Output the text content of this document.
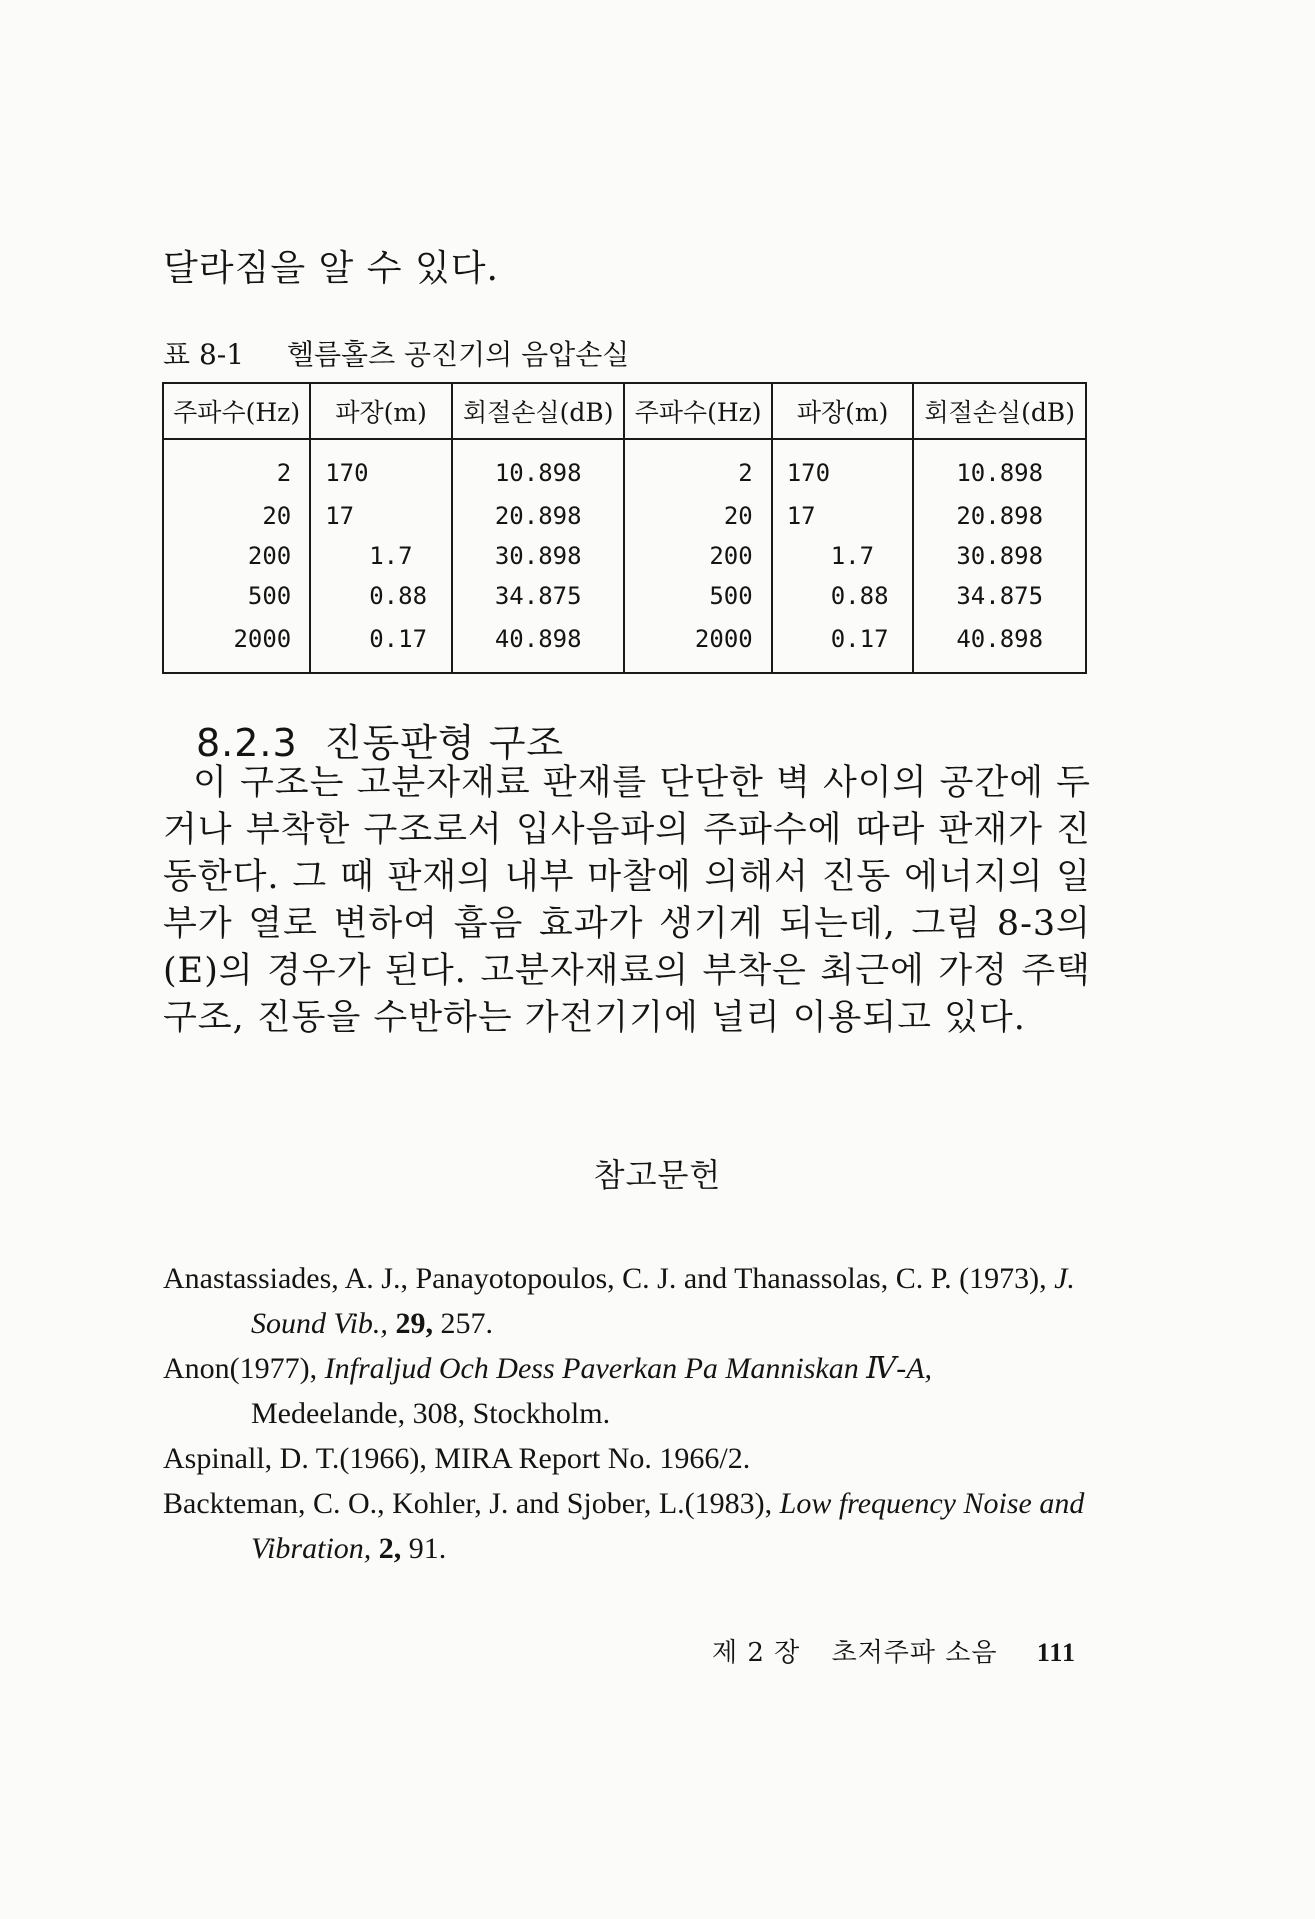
달라짐을 알 수 있다.
표 8-1 헬름홀츠 공진기의 음압손실
주파수(Hz)	파장(m)	회절손실(dB)	주파수(Hz)	파장(m)	회절손실(dB)
2	170	10.898	2	170	10.898
20	17	20.898	20	17	20.898
200	1.7	30.898	200	1.7	30.898
500	0.88	34.875	500	0.88	34.875
2000	0.17	40.898	2000	0.17	40.898
8.2.3 진동판형 구조

이 구조는 고분자재료 판재를 단단한 벽 사이의 공간에 두거나 부착한 구조로서 입사음파의 주파수에 따라 판재가 진동한다. 그 때 판재의 내부 마찰에 의해서 진동 에너지의 일부가 열로 변하여 흡음 효과가 생기게 되는데, 그림 8-3의 (E)의 경우가 된다. 고분자재료의 부착은 최근에 가정 주택구조, 진동을 수반하는 가전기기에 널리 이용되고 있다.

참고문헌
Anastassiades, A. J., Panayotopoulos, C. J. and Thanassolas, C. P. (1973), J. Sound Vib., 29, 257.
Anon(1977), Infraljud Och Dess Paverkan Pa Manniskan Ⅳ-A, Medeelande, 308, Stockholm.
Aspinall, D. T.(1966), MIRA Report No. 1966/2.
Backteman, C. O., Kohler, J. and Sjober, L.(1983), Low frequency Noise and Vibration, 2, 91.
제 2 장 초저주파 소음 111
